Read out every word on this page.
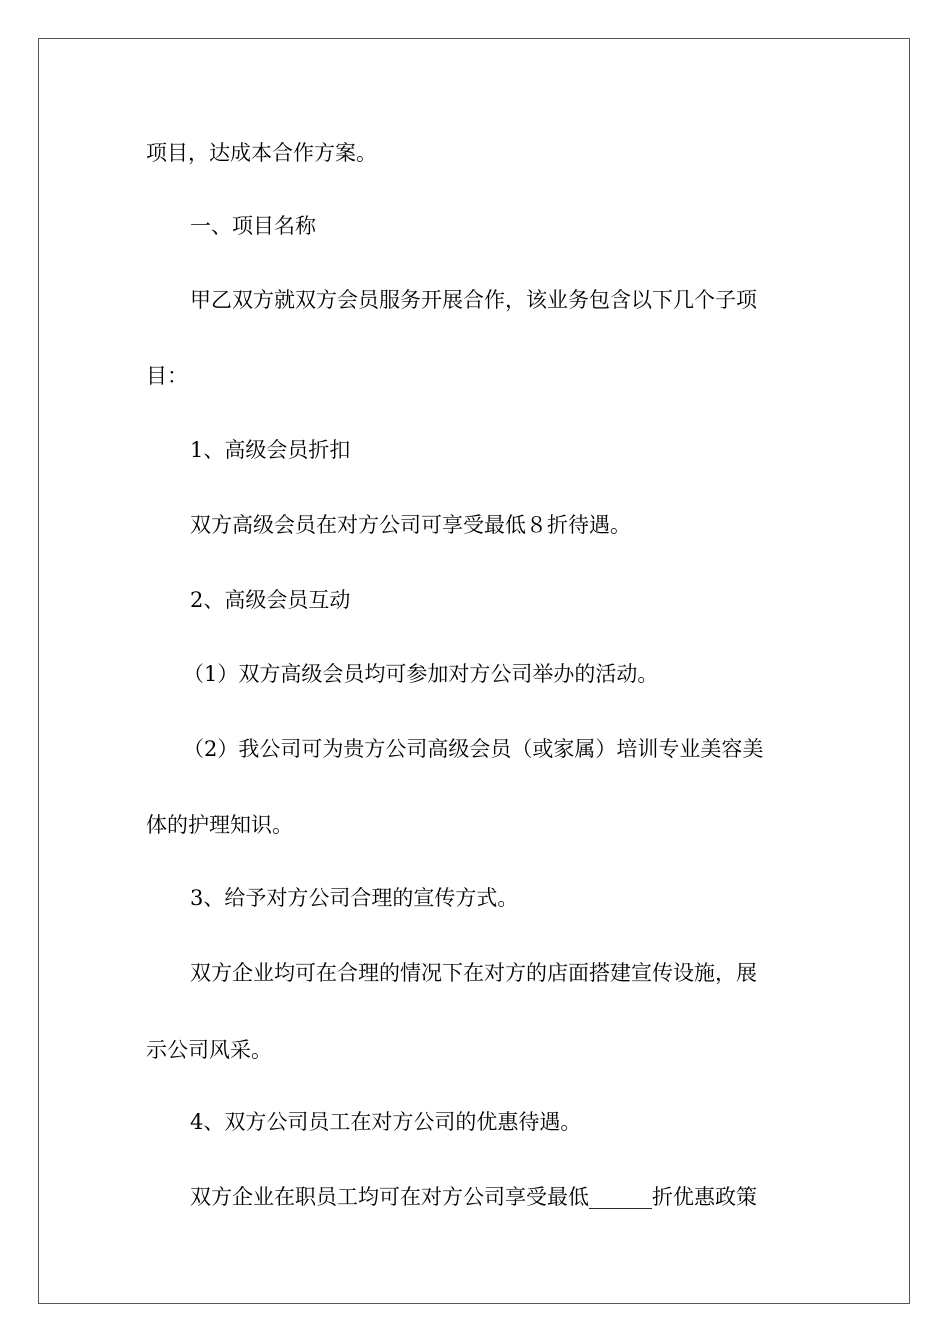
项目，达成本合作方案。

一、项目名称

甲乙双方就双方会员服务开展合作，该业务包含以下几个子项

目：

1、高级会员折扣

双方高级会员在对方公司可享受最低８折待遇。

2、高级会员互动

（1）双方高级会员均可参加对方公司举办的活动。

（2）我公司可为贵方公司高级会员（或家属）培训专业美容美

体的护理知识。

3、给予对方公司合理的宣传方式。

双方企业均可在合理的情况下在对方的店面搭建宣传设施，展

示公司风采。

4、双方公司员工在对方公司的优惠待遇。

双方企业在职员工均可在对方公司享受最低______折优惠政策
